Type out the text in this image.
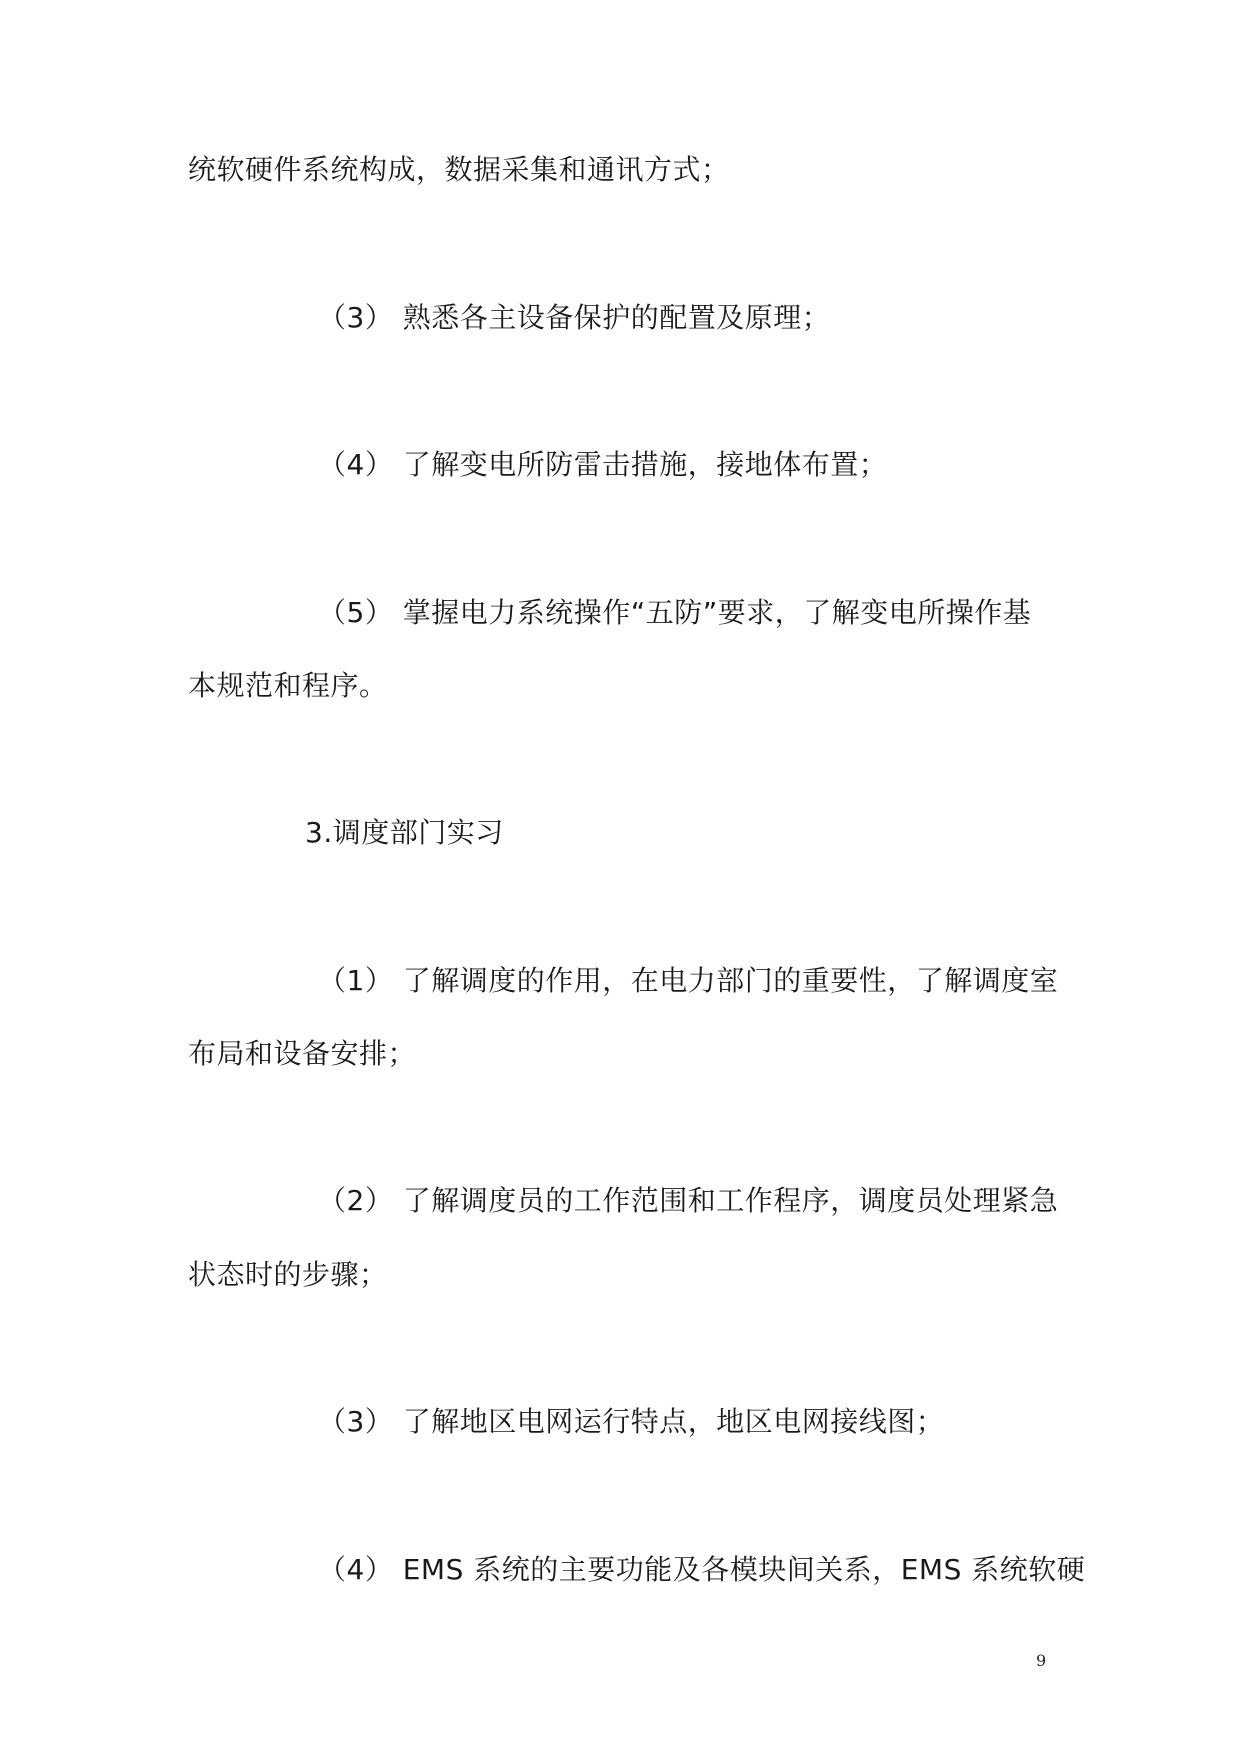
统软硬件系统构成，数据采集和通讯方式；
（3） 熟悉各主设备保护的配置及原理；
（4） 了解变电所防雷击措施，接地体布置；
（5） 掌握电力系统操作“五防”要求，了解变电所操作基
本规范和程序。
3.调度部门实习
（1） 了解调度的作用，在电力部门的重要性，了解调度室
布局和设备安排；
（2） 了解调度员的工作范围和工作程序，调度员处理紧急
状态时的步骤；
（3） 了解地区电网运行特点，地区电网接线图；
（4） EMS 系统的主要功能及各模块间关系，EMS 系统软硬
9
